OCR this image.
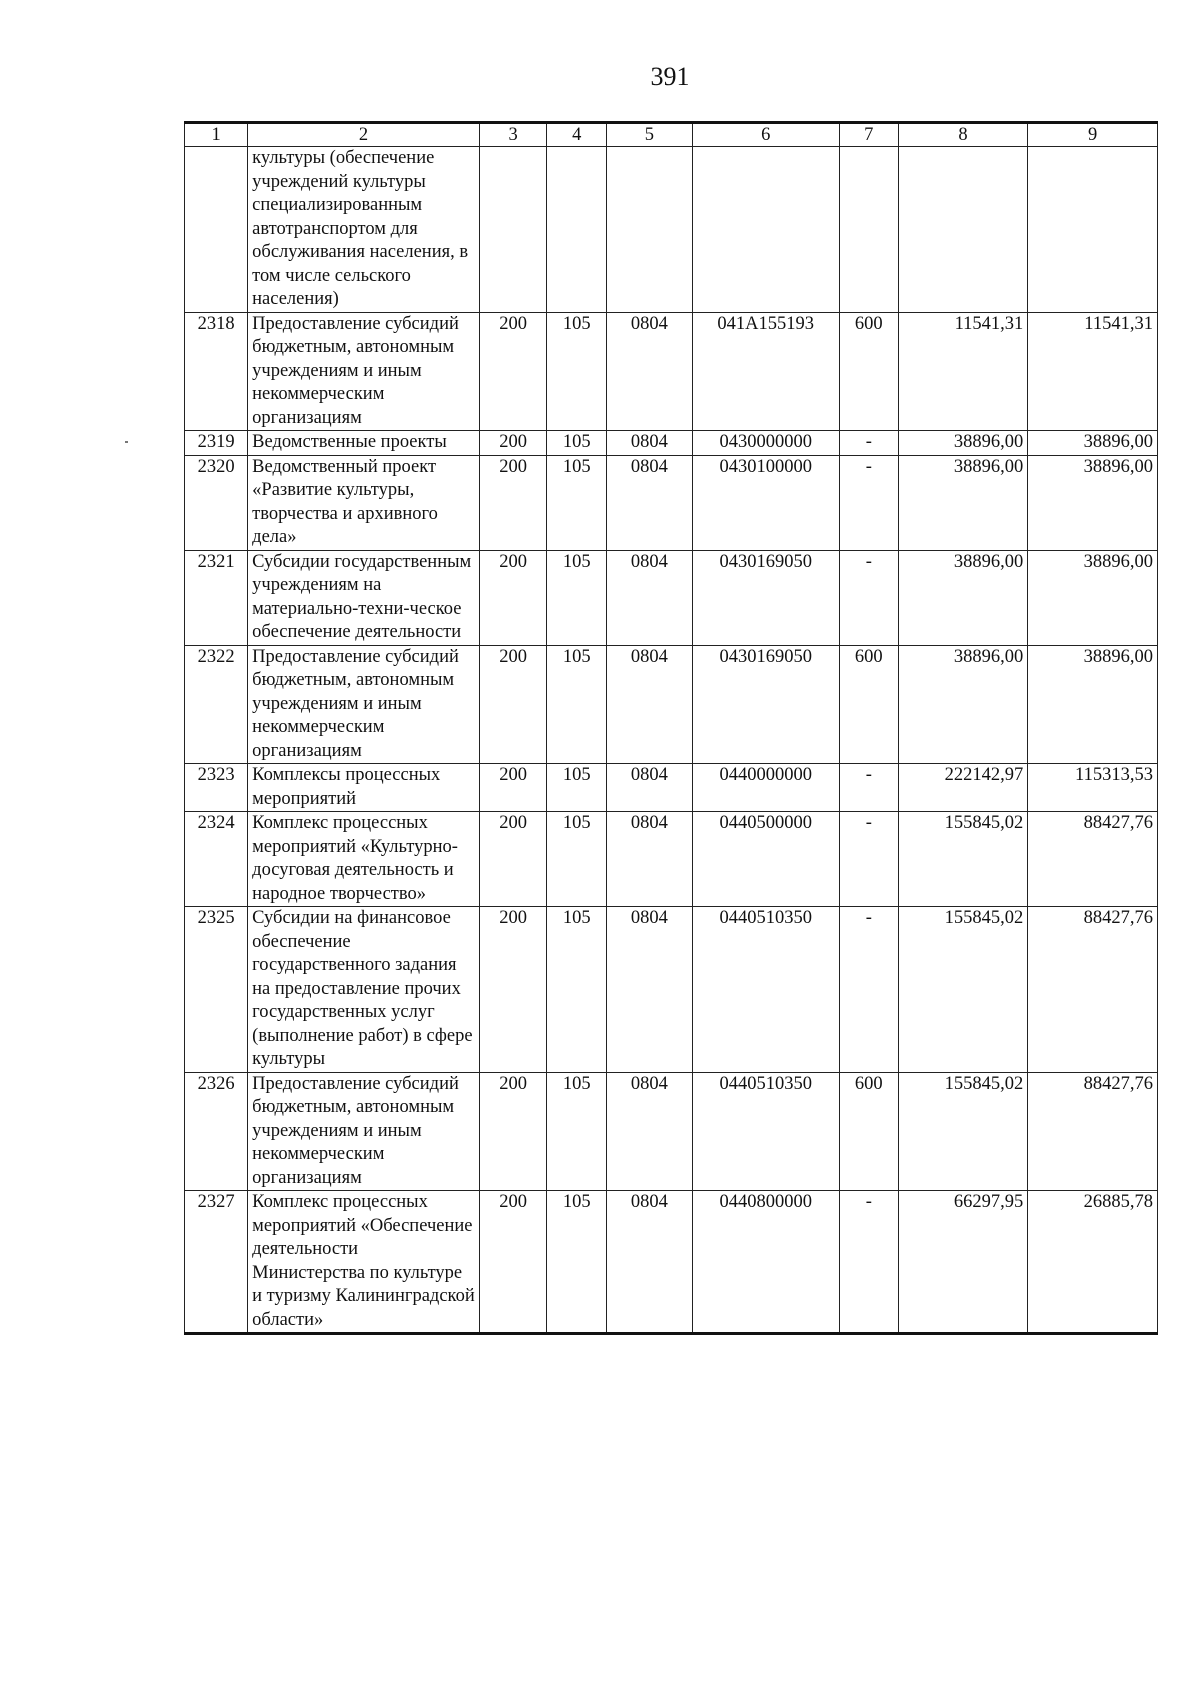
391
1	2	3	4	5	6	7	8	9
	культуры (обеспечение учреждений культуры специализированным автотранспортом для обслуживания населения, в том числе сельского населения)							
2318	Предоставление субсидий бюджетным, автономным учреждениям и иным некоммерческим организациям	200	105	0804	041A155193	600	11541,31	11541,31
2319	Ведомственные проекты	200	105	0804	0430000000	-	38896,00	38896,00
2320	Ведомственный проект «Развитие культуры, творчества и архивного дела»	200	105	0804	0430100000	-	38896,00	38896,00
2321	Субсидии государственным учреждениям на материально-техни-ческое обеспечение деятельности	200	105	0804	0430169050	-	38896,00	38896,00
2322	Предоставление субсидий бюджетным, автономным учреждениям и иным некоммерческим организациям	200	105	0804	0430169050	600	38896,00	38896,00
2323	Комплексы процессных мероприятий	200	105	0804	0440000000	-	222142,97	115313,53
2324	Комплекс процессных мероприятий «Культурно-досуговая деятельность и народное творчество»	200	105	0804	0440500000	-	155845,02	88427,76
2325	Субсидии на финансовое обеспечение государственного задания на предоставление прочих государственных услуг (выполнение работ) в сфере культуры	200	105	0804	0440510350	-	155845,02	88427,76
2326	Предоставление субсидий бюджетным, автономным учреждениям и иным некоммерческим организациям	200	105	0804	0440510350	600	155845,02	88427,76
2327	Комплекс процессных мероприятий «Обеспечение деятельности Министерства по культуре и туризму Калининградской области»	200	105	0804	0440800000	-	66297,95	26885,78
